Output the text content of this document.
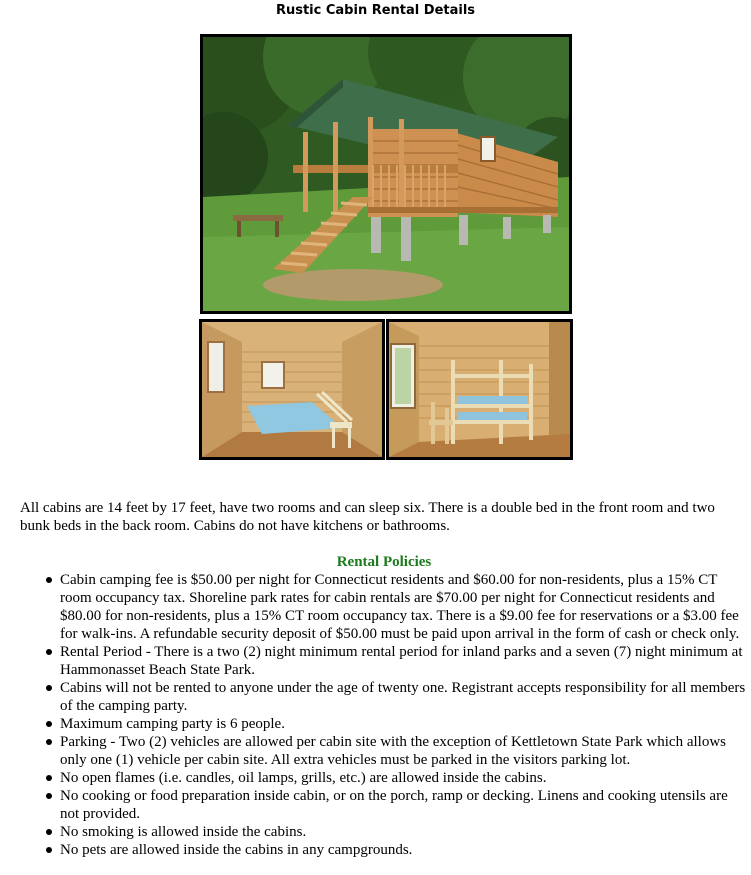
Rustic Cabin Rental Details

All cabins are 14 feet by 17 feet, have two rooms and can sleep six. There is a double bed in the front room and two bunk beds in the back room. Cabins do not have kitchens or bathrooms.

Rental Policies
Cabin camping fee is $50.00 per night for Connecticut residents and $60.00 for non-residents, plus a 15% CT room occupancy tax. Shoreline park rates for cabin rentals are $70.00 per night for Connecticut residents and $80.00 for non-residents, plus a 15% CT room occupancy tax. There is a $9.00 fee for reservations or a $3.00 fee for walk-ins. A refundable security deposit of $50.00 must be paid upon arrival in the form of cash or check only.
Rental Period - There is a two (2) night minimum rental period for inland parks and a seven (7) night minimum at Hammonasset Beach State Park.
Cabins will not be rented to anyone under the age of twenty one. Registrant accepts responsibility for all members of the camping party.
Maximum camping party is 6 people.
Parking - Two (2) vehicles are allowed per cabin site with the exception of Kettletown State Park which allows only one (1) vehicle per cabin site. All extra vehicles must be parked in the visitors parking lot.
No open flames (i.e. candles, oil lamps, grills, etc.) are allowed inside the cabins.
No cooking or food preparation inside cabin, or on the porch, ramp or decking. Linens and cooking utensils are not provided.
No smoking is allowed inside the cabins.
No pets are allowed inside the cabins in any campgrounds.
